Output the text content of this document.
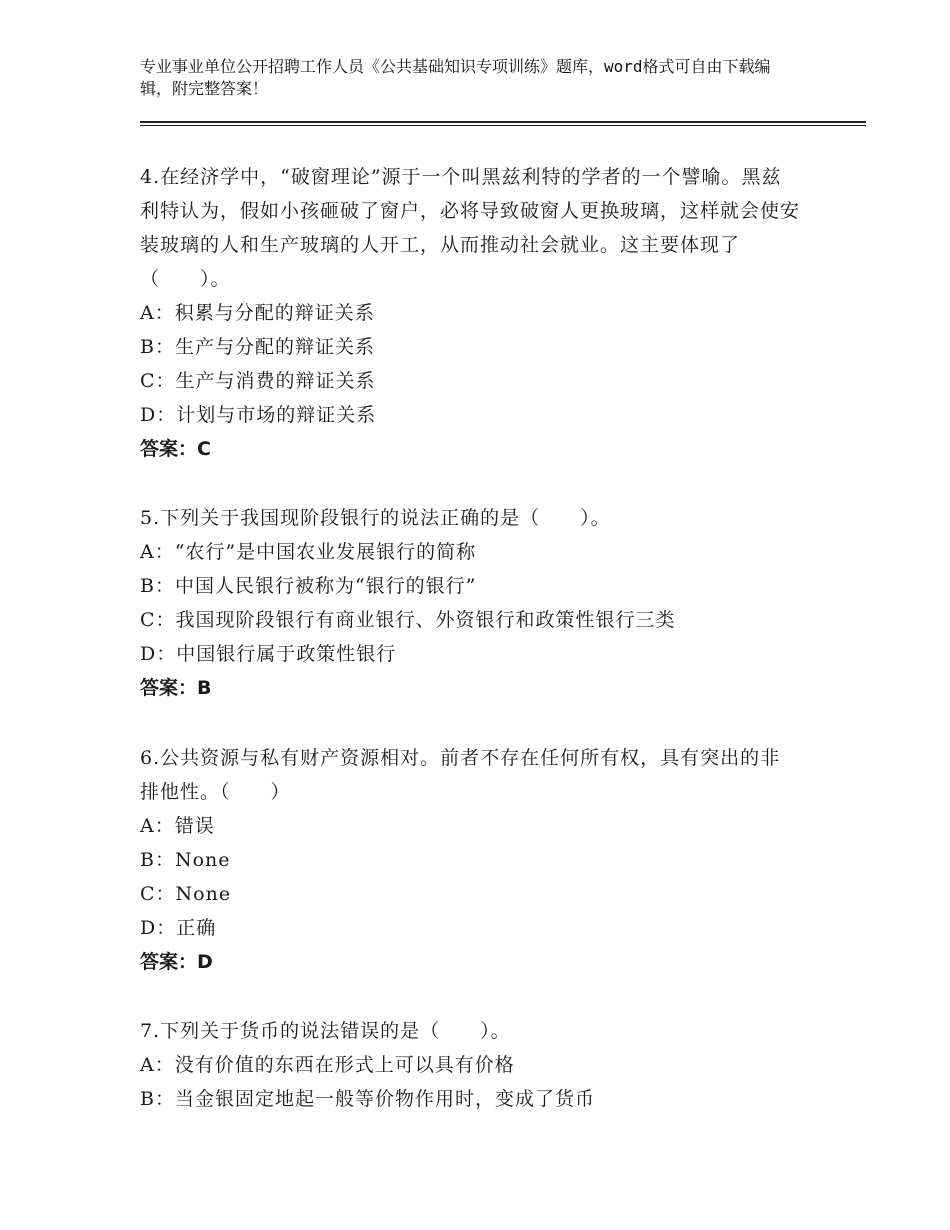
专业事业单位公开招聘工作人员《公共基础知识专项训练》题库，word格式可自由下载编辑，附完整答案！

4.在经济学中，“破窗理论”源于一个叫黑兹利特的学者的一个譬喻。黑兹利特认为，假如小孩砸破了窗户，必将导致破窗人更换玻璃，这样就会使安装玻璃的人和生产玻璃的人开工，从而推动社会就业。这主要体现了（　　）。

A：积累与分配的辩证关系
B：生产与分配的辩证关系
C：生产与消费的辩证关系
D：计划与市场的辩证关系
答案：C

5.下列关于我国现阶段银行的说法正确的是（　　）。

A：“农行”是中国农业发展银行的简称
B：中国人民银行被称为“银行的银行”
C：我国现阶段银行有商业银行、外资银行和政策性银行三类
D：中国银行属于政策性银行
答案：B

6.公共资源与私有财产资源相对。前者不存在任何所有权，具有突出的非排他性。（　　）

A：错误
B：None
C：None
D：正确
答案：D

7.下列关于货币的说法错误的是（　　）。

A：没有价值的东西在形式上可以具有价格
B：当金银固定地起一般等价物作用时，变成了货币
